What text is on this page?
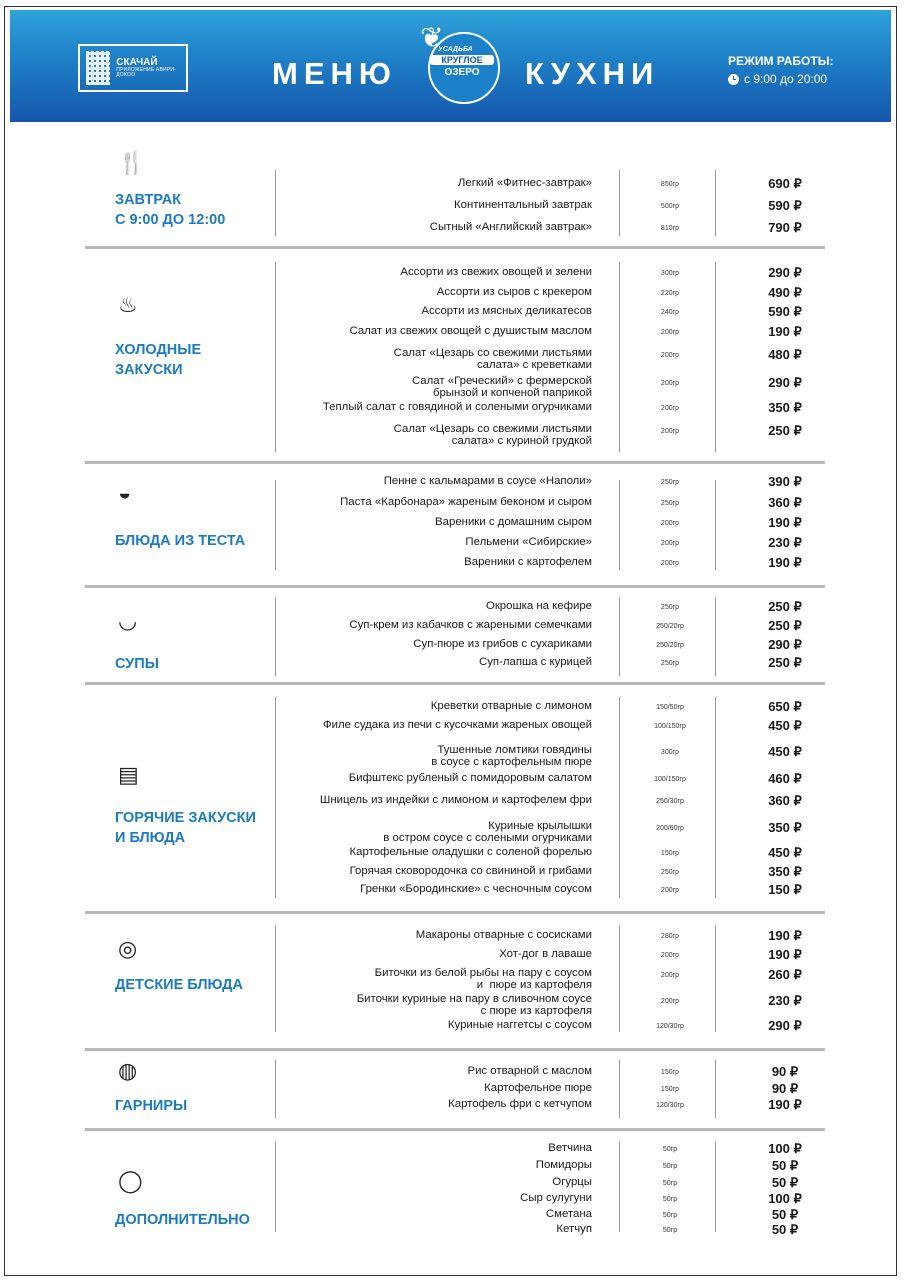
СКАЧАЙ
ПРИЛОЖЕНИЕ АВИРИ-ДОКОО	МЕНЮ
❦
УСАДЬБА
КРУГЛОЕ
ОЗЕРО	КУХНИ	РЕЖИМ РАБОТЫ:
с 9:00 до 20:00
🍴
ЗАВТРАК
С 9:00 ДО 12:00
Легкий «Фитнес-завтрак»	850гр	690 ₽
Континентальный завтрак	500гр	590 ₽
Сытный «Английский завтрак»	810гр	790 ₽
♨
ХОЛОДНЫЕ
ЗАКУСКИ
Ассорти из свежих овощей и зелени	300гр	290 ₽
Ассорти из сыров с крекером	220гр	490 ₽
Ассорти из мясных деликатесов	240гр	590 ₽
Салат из свежих овощей с душистым маслом	200гр	190 ₽
Салат «Цезарь со свежими листьями
салата» с креветками
200гр	480 ₽
Салат «Греческий» с фермерской
брынзой и копченой паприкой
200гр	290 ₽
Теплый салат с говядиной и солеными огурчиками	200гр	350 ₽
Салат «Цезарь со свежими листьями
салата» с куриной грудкой
200гр	250 ₽
◒
БЛЮДА ИЗ ТЕСТА
Пенне с кальмарами в соусе «Наполи»	250гр	390 ₽
Паста «Карбонара» жареным беконом и сыром	250гр	360 ₽
Вареники с домашним сыром	200гр	190 ₽
Пельмени «Сибирские»	200гр	230 ₽
Вареники с картофелем	200гр	190 ₽
◡
СУПЫ
Окрошка на кефире	250гр	250 ₽
Суп-крем из кабачков с жареными семечками	250/20гр	250 ₽
Суп-пюре из грибов с сухариками	250/20гр	290 ₽
Суп-лапша с курицей	250гр	250 ₽
▤
ГОРЯЧИЕ ЗАКУСКИ
И БЛЮДА
Креветки отварные с лимоном	150/50гр	650 ₽
Филе судака из печи с кусочками жареных овощей	100/150гр	450 ₽
Тушенные ломтики говядины
в соусе с картофельным пюре
300гр	450 ₽
Бифштекс рубленый с помидоровым салатом	100/150гр	460 ₽
Шницель из индейки с лимоном и картофелем фри	250/30гр	360 ₽
Куриные крылышки
в остром соусе с солеными огурчиками
200/60гр	350 ₽
Картофельные оладушки с соленой форелью	150гр	450 ₽
Горячая сковородочка со свининой и грибами	250гр	350 ₽
Гренки «Бородинские» с чесночным соусом	200гр	150 ₽
◎
ДЕТСКИЕ БЛЮДА
Макароны отварные с сосисками	280гр	190 ₽
Хот-дог в лаваше	200гр	190 ₽
Биточки из белой рыбы на пару с соусом
и  пюре из картофеля
200гр	260 ₽
Биточки куриные на пару в сливочном соусе
с пюре из картофеля
200гр	230 ₽
Куриные наггетсы с соусом	120/30гр	290 ₽
◍
ГАРНИРЫ
Рис отварной с маслом	150гр	90 ₽
Картофельное пюре	150гр	90 ₽
Картофель фри с кетчупом	120/30гр	190 ₽
◯
ДОПОЛНИТЕЛЬНО
Ветчина	50гр	100 ₽
Помидоры	50гр	50 ₽
Огурцы	50гр	50 ₽
Сыр сулугуни	50гр	100 ₽
Сметана	50гр	50 ₽
Кетчуп	50гр	50 ₽
